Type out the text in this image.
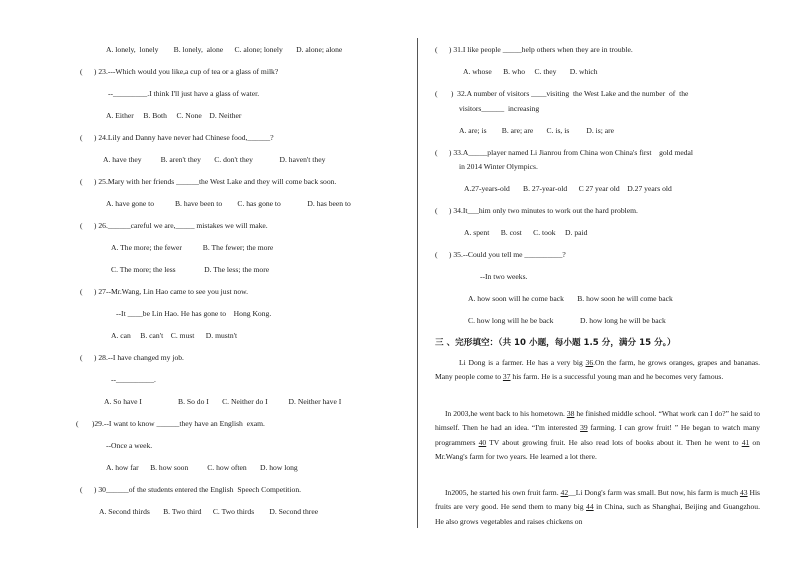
A. lonely,  lonely        B. lonely,  alone      C. alone; lonely       D. alone; alone
(      ) 23.---Which would you like,a cup of tea or a glass of milk?
--_________.I think I'll just have a glass of water.
A. Either     B. Both     C. None    D. Neither
(      ) 24.Lily and Danny have never had Chinese food,______?
A. have they          B. aren't they       C. don't they              D. haven't they
(      ) 25.Mary with her friends ______the West Lake and they will come back soon.
A. have gone to           B. have been to        C. has gone to              D. has been to
(      ) 26.______careful we are,_____ mistakes we will make.
A. The more; the fewer           B. The fewer; the more
C. The more; the less               D. The less; the more
(      ) 27--Mr.Wang, Lin Hao came to see you just now.
--It ____be Lin Hao. He has gone to    Hong Kong.
A. can     B. can't    C. must      D. mustn't
(      ) 28.--I have changed my job.
--__________.
A. So have I                   B. So do I       C. Neither do I           D. Neither have I
(       )29.--I want to know ______they have an English  exam.
--Once a week.
A. how far      B. how soon          C. how often       D. how long
(      ) 30______of the students entered the English  Speech Competition.
A. Second thirds       B. Two third      C. Two thirds        D. Second three
(      ) 31.I like people _____help others when they are in trouble.
A. whose      B. who     C. they       D. which
(       )  32.A number of visitors ____visiting  the West Lake and the number  of  the
visitors______  increasing
A. are; is        B. are; are       C. is, is         D. is; are
(      ) 33.A_____player named Li Jianrou from China won China's first    gold medal
in 2014 Winter Olympics.
A.27-years-old       B. 27-year-old      C 27 year old    D.27 years old
(      ) 34.It___him only two minutes to work out the hard problem.
A. spent      B. cost      C. took     D. paid
(      ) 35.--Could you tell me __________?
--In two weeks.
A. how soon will he come back       B. how soon he will come back
C. how long will he be back              D. how long he will be back
三 、完形填空：（共 10 小题，每小题 1.5 分，满分 15 分。）
Li Dong is a farmer. He has a very big 36.On the farm, he grows oranges, grapes and bananas. Many people come to 37 his farm. He is a successful young man and he becomes very famous.
In 2003,he went back to his hometown. 38 he finished middle school. “What work can I do?” he said to himself. Then he had an idea. “I'm interested 39 farming. I can grow fruit! ” He began to watch many programmers 40 TV about growing fruit. He also read lots of books about it. Then he went to 41 on Mr.Wang's farm for two years. He learned a lot there.
In2005, he started his own fruit farm. 42__Li Dong's farm was small. But now, his farm is much 43 His fruits are very good. He send them to many big 44 in China, such as Shanghai, Beijing and Guangzhou. He also grows vegetables and raises chickens on
